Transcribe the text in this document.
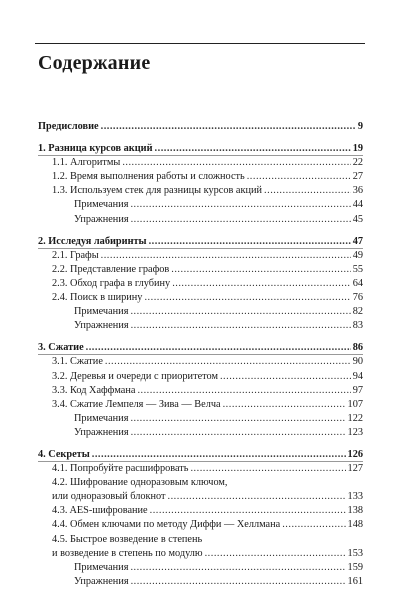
Содержание
Предисловие .....	9
1. Разница курсов акций .....	19
1.1. Алгоритмы .....	22
1.2. Время выполнения работы и сложность .....	27
1.3. Используем стек для разницы курсов акций .....	36
Примечания .....	44
Упражнения .....	45
2. Исследуя лабиринты .....	47
2.1. Графы .....	49
2.2. Представление графов .....	55
2.3. Обход графа в глубину .....	64
2.4. Поиск в ширину .....	76
Примечания .....	82
Упражнения .....	83
3. Сжатие .....	86
3.1. Сжатие .....	90
3.2. Деревья и очереди с приоритетом .....	94
3.3. Код Хаффмана .....	97
3.4. Сжатие Лемпеля — Зива — Велча .....	107
Примечания .....	122
Упражнения .....	123
4. Секреты .....	126
4.1. Попробуйте расшифровать .....	127
4.2. Шифрование одноразовым ключом,
или одноразовый блокнот .....	133
4.3. AES-шифрование .....	138
4.4. Обмен ключами по методу Диффи — Хеллмана .....	148
4.5. Быстрое возведение в степень
и возведение в степень по модулю .....	153
Примечания .....	159
Упражнения .....	161
